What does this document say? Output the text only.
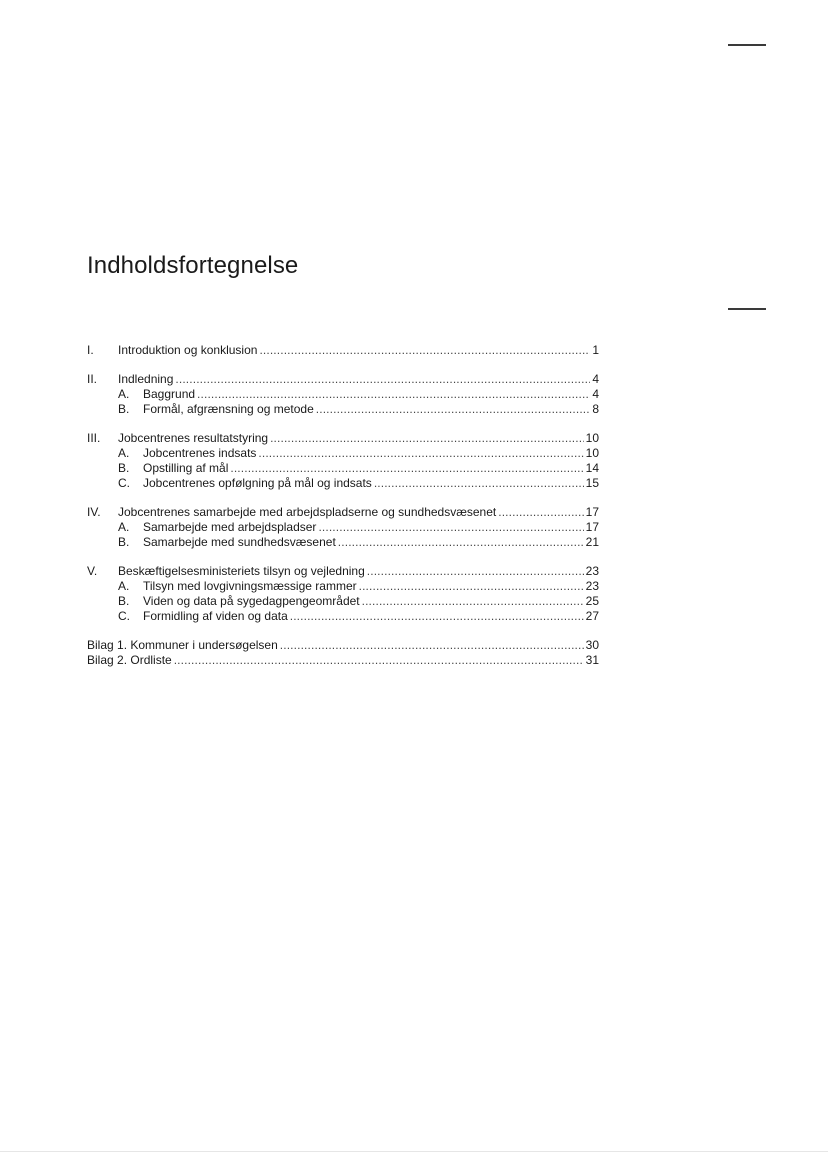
Indholdsfortegnelse
I.	Introduktion og konklusion . . .	1
II.	Indledning . . .	4
A.	Baggrund . . .	4
B.	Formål, afgrænsning og metode . . .	8
III.	Jobcentrenes resultatstyring . . .	10
A.	Jobcentrenes indsats . . .	10
B.	Opstilling af mål . . .	14
C.	Jobcentrenes opfølgning på mål og indsats . . .	15
IV.	Jobcentrenes samarbejde med arbejdspladserne og sundhedsvæsenet . . .	17
A.	Samarbejde med arbejdspladser . . .	17
B.	Samarbejde med sundhedsvæsenet . . .	21
V.	Beskæftigelsesministeriets tilsyn og vejledning . . .	23
A.	Tilsyn med lovgivningsmæssige rammer . . .	23
B.	Viden og data på sygedagpengeområdet . . .	25
C.	Formidling af viden og data . . .	27
Bilag 1. Kommuner i undersøgelsen . . .	30
Bilag 2. Ordliste . . .	31
